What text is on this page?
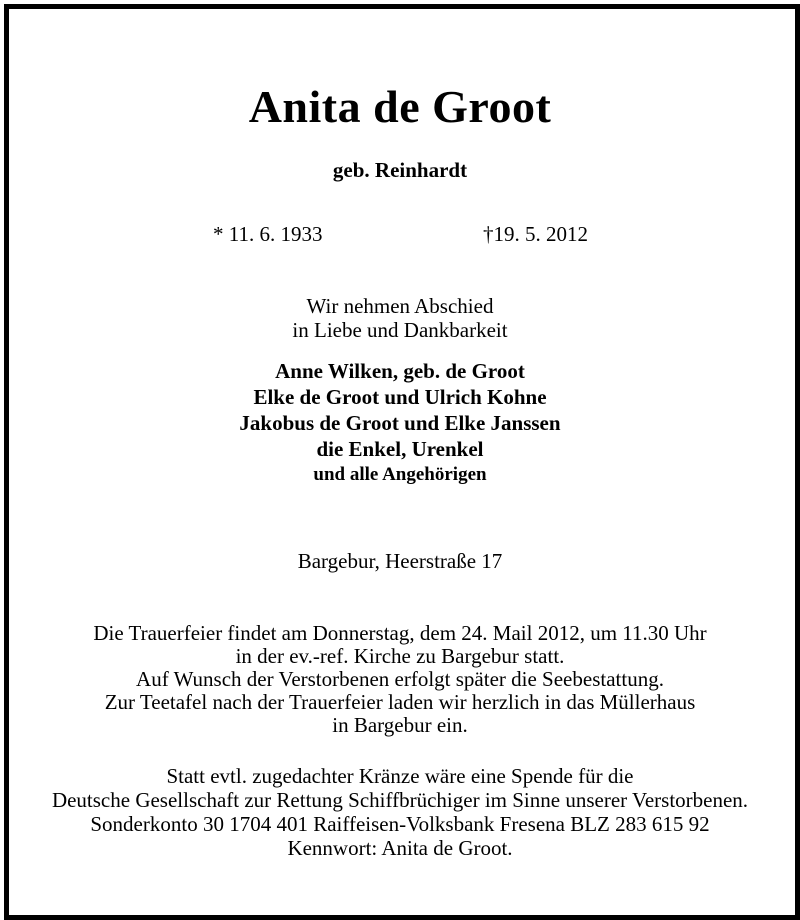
Anita de Groot
geb. Reinhardt
* 11. 6. 1933	†19. 5. 2012
Wir nehmen Abschied
in Liebe und Dankbarkeit
Anne Wilken, geb. de Groot
Elke de Groot und Ulrich Kohne
Jakobus de Groot und Elke Janssen
die Enkel, Urenkel
und alle Angehörigen
Bargebur, Heerstraße 17
Die Trauerfeier findet am Donnerstag, dem 24. Mail 2012, um 11.30 Uhr
in der ev.-ref. Kirche zu Bargebur statt.
Auf Wunsch der Verstorbenen erfolgt später die Seebestattung.
Zur Teetafel nach der Trauerfeier laden wir herzlich in das Müllerhaus
in Bargebur ein.
Statt evtl. zugedachter Kränze wäre eine Spende für die
Deutsche Gesellschaft zur Rettung Schiffbrüchiger im Sinne unserer Verstorbenen.
Sonderkonto 30 1704 401 Raiffeisen-Volksbank Fresena BLZ 283 615 92
Kennwort: Anita de Groot.
